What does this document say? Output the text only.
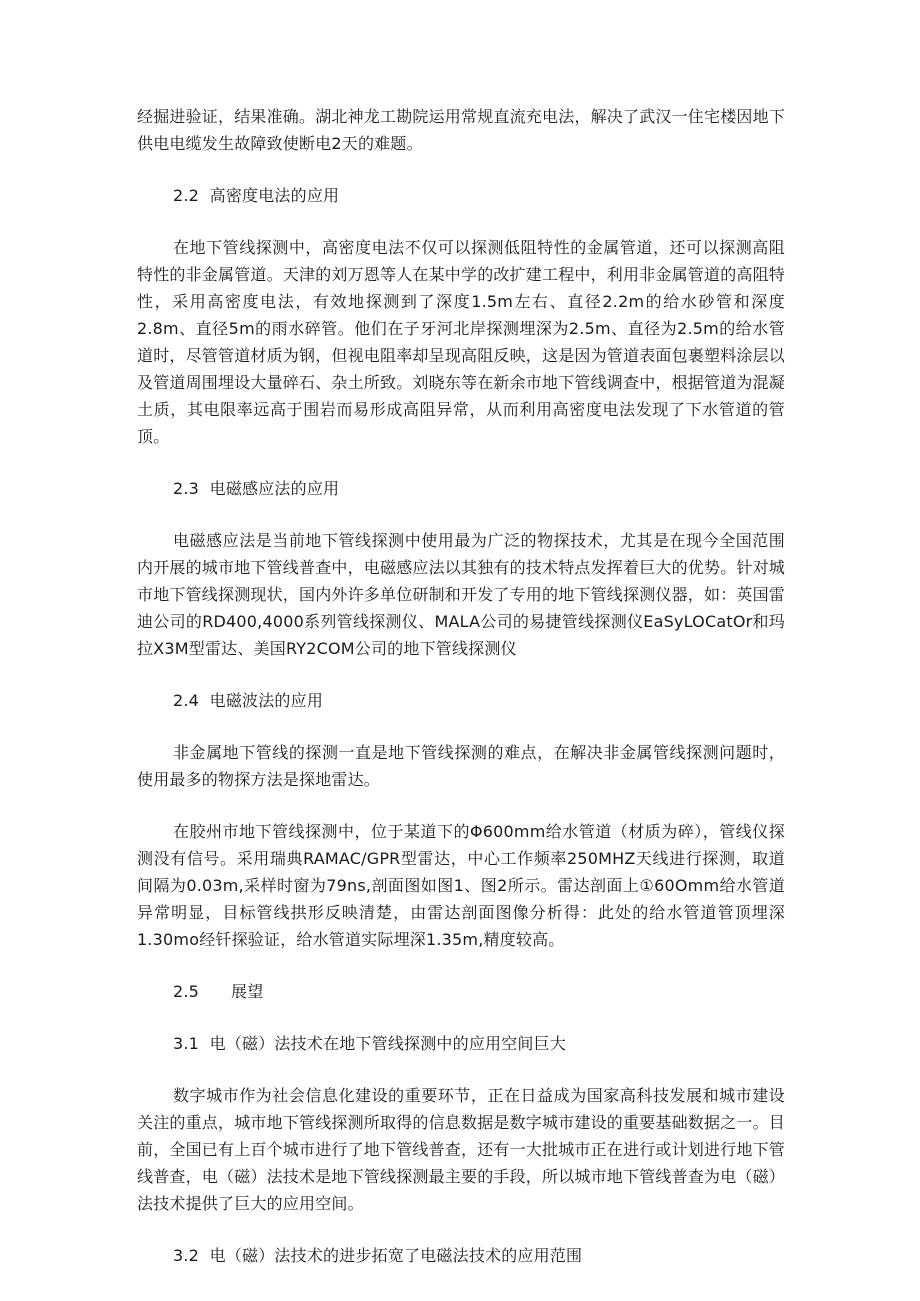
经掘进验证，结果准确。湖北神龙工勘院运用常规直流充电法，解决了武汉一住宅楼因地下供电电缆发生故障致使断电2天的难题。

2.2 高密度电法的应用

在地下管线探测中，高密度电法不仅可以探测低阻特性的金属管道，还可以探测高阻特性的非金属管道。天津的刘万恩等人在某中学的改扩建工程中，利用非金属管道的高阻特性，采用高密度电法，有效地探测到了深度1.5m左右、直径2.2m的给水砂管和深度2.8m、直径5m的雨水碎管。他们在子牙河北岸探测埋深为2.5m、直径为2.5m的给水管道时，尽管管道材质为钢，但视电阻率却呈现高阻反映，这是因为管道表面包裹塑料涂层以及管道周围埋设大量碎石、杂土所致。刘晓东等在新余市地下管线调查中，根据管道为混凝土质，其电限率远高于围岩而易形成高阻异常，从而利用高密度电法发现了下水管道的管顶。

2.3 电磁感应法的应用

电磁感应法是当前地下管线探测中使用最为广泛的物探技术，尤其是在现今全国范围内开展的城市地下管线普查中，电磁感应法以其独有的技术特点发挥着巨大的优势。针对城市地下管线探测现状，国内外许多单位研制和开发了专用的地下管线探测仪器，如：英国雷迪公司的RD400,4000系列管线探测仪、MALA公司的易捷管线探测仪EaSyLOCatOr和玛拉X3M型雷达、美国RY2COM公司的地下管线探测仪

2.4 电磁波法的应用

非金属地下管线的探测一直是地下管线探测的难点，在解决非金属管线探测问题时，使用最多的物探方法是探地雷达。

在胶州市地下管线探测中，位于某道下的Φ600mm给水管道（材质为碎），管线仪探测没有信号。采用瑞典RAMAC/GPR型雷达，中心工作频率250MHZ天线进行探测，取道间隔为0.03m,采样时窗为79ns,剖面图如图1、图2所示。雷达剖面上①60Omm给水管道异常明显，目标管线拱形反映清楚，由雷达剖面图像分析得：此处的给水管道管顶埋深1.30mo经钎探验证，给水管道实际埋深1.35m,精度较高。

2.5 展望

3.1 电（磁）法技术在地下管线探测中的应用空间巨大

数字城市作为社会信息化建设的重要环节，正在日益成为国家高科技发展和城市建设关注的重点，城市地下管线探测所取得的信息数据是数字城市建设的重要基础数据之一。目前，全国已有上百个城市进行了地下管线普查，还有一大批城市正在进行或计划进行地下管线普查，电（磁）法技术是地下管线探测最主要的手段，所以城市地下管线普查为电（磁）法技术提供了巨大的应用空间。

3.2 电（磁）法技术的进步拓宽了电磁法技术的应用范围
